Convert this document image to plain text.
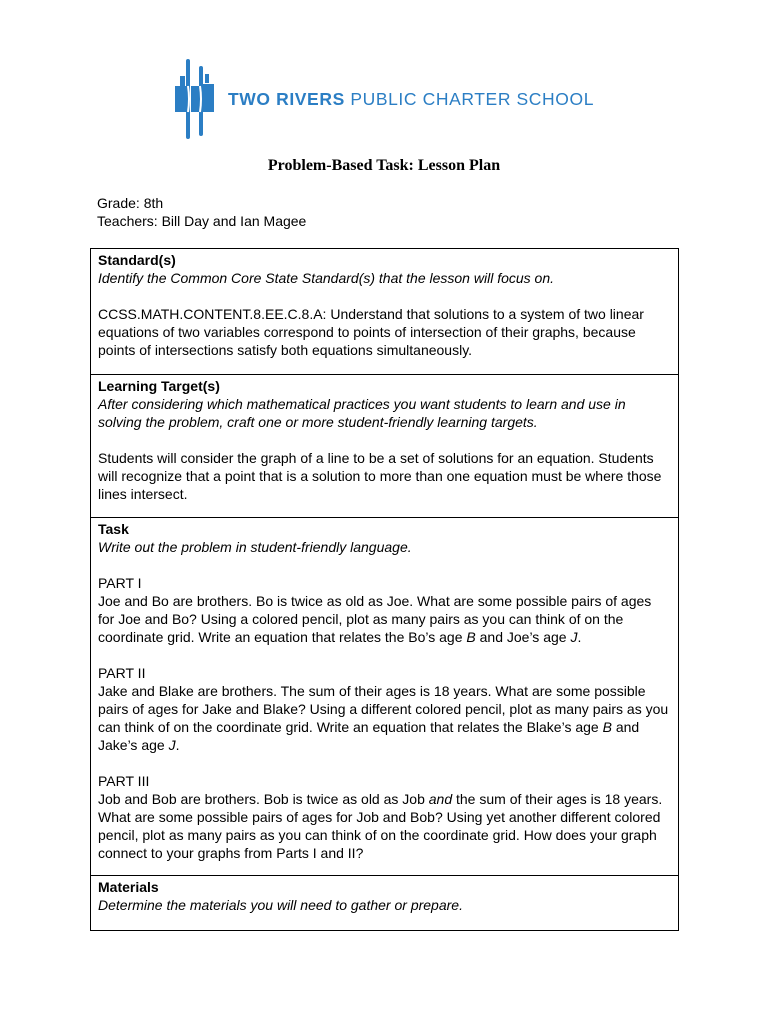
TWO RIVERS PUBLIC CHARTER SCHOOL
Problem-Based Task: Lesson Plan
Grade: 8th
Teachers: Bill Day and Ian Magee
Standard(s)
Identify the Common Core State Standard(s) that the lesson will focus on.
CCSS.MATH.CONTENT.8.EE.C.8.A: Understand that solutions to a system of two linear equations of two variables correspond to points of intersection of their graphs, because points of intersections satisfy both equations simultaneously.

Learning Target(s)
After considering which mathematical practices you want students to learn and use in solving the problem, craft one or more student-friendly learning targets.
Students will consider the graph of a line to be a set of solutions for an equation. Students will recognize that a point that is a solution to more than one equation must be where those lines intersect.

Task
Write out the problem in student-friendly language.
PART I
Joe and Bo are brothers. Bo is twice as old as Joe. What are some possible pairs of ages for Joe and Bo? Using a colored pencil, plot as many pairs as you can think of on the coordinate grid. Write an equation that relates the Bo’s age B and Joe’s age J.
PART II
Jake and Blake are brothers. The sum of their ages is 18 years. What are some possible pairs of ages for Jake and Blake? Using a different colored pencil, plot as many pairs as you can think of on the coordinate grid. Write an equation that relates the Blake’s age B and Jake’s age J.
PART III
Job and Bob are brothers. Bob is twice as old as Job and the sum of their ages is 18 years. What are some possible pairs of ages for Job and Bob? Using yet another different colored pencil, plot as many pairs as you can think of on the coordinate grid. How does your graph connect to your graphs from Parts I and II?

Materials
Determine the materials you will need to gather or prepare.
